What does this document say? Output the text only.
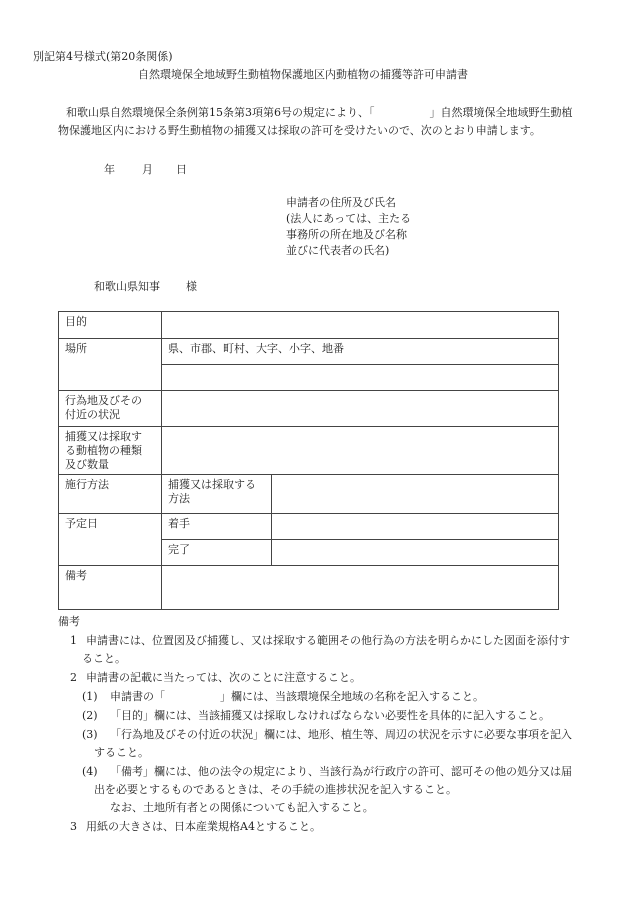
別記第4号様式(第20条関係)
自然環境保全地域野生動植物保護地区内動植物の捕獲等許可申請書
和歌山県自然環境保全条例第15条第3項第6号の規定により、「　　　　　」自然環境保全地域野生動植
物保護地区内における野生動植物の捕獲又は採取の許可を受けたいので、次のとおり申請します。
年 月 日
申請者の住所及び氏名
(法人にあっては、主たる
事務所の所在地及び名称
並びに代表者の氏名)
和歌山県知事 様
目的		
場所	県、市郡、町村、大字、小字、地番	

行為地及びその
付近の状況		
捕獲又は採取す
る動植物の種類
及び数量		
施行方法	捕獲又は採取する
方法	
予定日	着手	
	完了	
備考		
備考
1 申請書には、位置図及び捕獲し、又は採取する範囲その他行為の方法を明らかにした図面を添付す
ること。
2 申請書の記載に当たっては、次のことに注意すること。
(1) 申請書の「　　　　　」欄には、当該環境保全地域の名称を記入すること。
(2) 「目的」欄には、当該捕獲又は採取しなければならない必要性を具体的に記入すること。
(3) 「行為地及びその付近の状況」欄には、地形、植生等、周辺の状況を示すに必要な事項を記入
すること。
(4) 「備考」欄には、他の法令の規定により、当該行為が行政庁の許可、認可その他の処分又は届
出を必要とするものであるときは、その手続の進捗状況を記入すること。
なお、土地所有者との関係についても記入すること。
3 用紙の大きさは、日本産業規格A4とすること。
